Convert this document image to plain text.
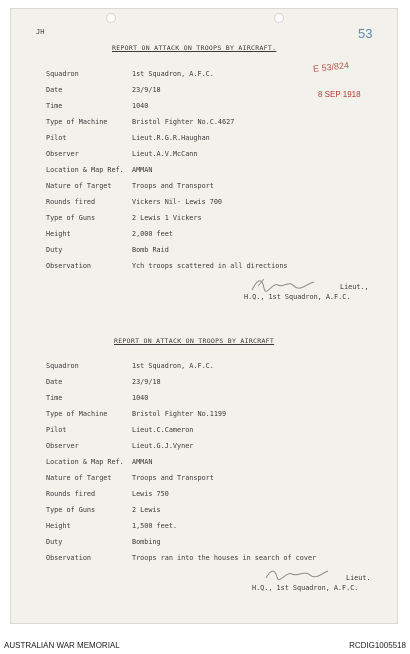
JH	53
E 53/824
8 SEP 1918
REPORT ON ATTACK ON TROOPS BY AIRCRAFT.
Squadron	1st Squadron, A.F.C.
Date	23/9/18
Time	1040
Type of Machine	Bristol Fighter No.C.4627
Pilot	Lieut.R.G.R.Haughan
Observer	Lieut.A.V.McCann
Location & Map Ref. AMMAN
Nature of Target	Troops and Transport
Rounds fired	Vickers Nil- Lewis 700
Type of Guns	2 Lewis 1 Vickers
Height	2,000 feet
Duty	Bomb Raid
Observation	Ych troops scattered in all directions
Lieut.,
H.Q., 1st Squadron, A.F.C.
REPORT ON ATTACK ON TROOPS BY AIRCRAFT
Squadron	1st Squadron, A.F.C.
Date	23/9/18
Time	1040
Type of Machine	Bristol Fighter No.1199
Pilot	Lieut.C.Cameron
Observer	Lieut.G.J.Vyner
Location & Map Ref. AMMAN
Nature of Target	Troops and Transport
Rounds fired	Lewis 750
Type of Guns	2 Lewis
Height	1,500 feet.
Duty	Bombing
Observation	Troops ran into the houses in search of cover
Lieut.
H.Q., 1st Squadron, A.F.C.
AUSTRALIAN WAR MEMORIAL	RCDIG1005518
